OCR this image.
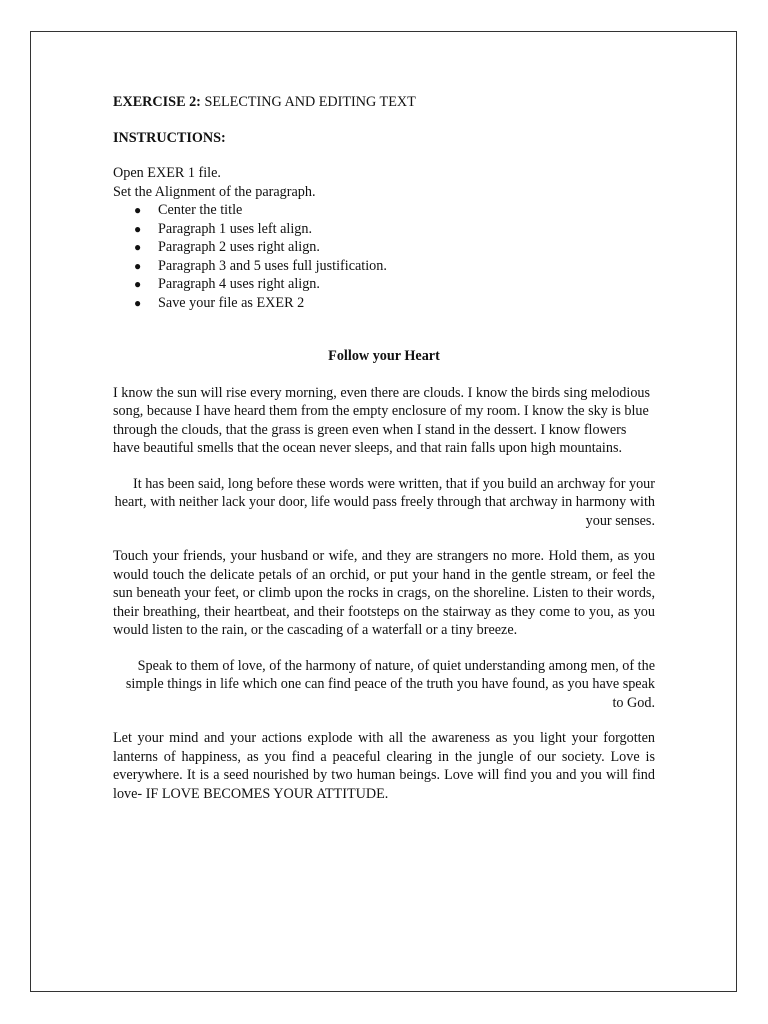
EXERCISE 2: SELECTING AND EDITING TEXT

INSTRUCTIONS:

Open EXER 1 file.

Set the Alignment of the paragraph.

● Center the title
● Paragraph 1 uses left align.
● Paragraph 2 uses right align.
● Paragraph 3 and 5 uses full justification.
● Paragraph 4 uses right align.
● Save your file as EXER 2

Follow your Heart

I know the sun will rise every morning, even there are clouds. I know the birds sing melodious song, because I have heard them from the empty enclosure of my room. I know the sky is blue through the clouds, that the grass is green even when I stand in the dessert. I know flowers have beautiful smells that the ocean never sleeps, and that rain falls upon high mountains.

It has been said, long before these words were written, that if you build an archway for your heart, with neither lack your door, life would pass freely through that archway in harmony with your senses.

Touch your friends, your husband or wife, and they are strangers no more. Hold them, as you would touch the delicate petals of an orchid, or put your hand in the gentle stream, or feel the sun beneath your feet, or climb upon the rocks in crags, on the shoreline. Listen to their words, their breathing, their heartbeat, and their footsteps on the stairway as they come to you, as you would listen to the rain, or the cascading of a waterfall or a tiny breeze.

Speak to them of love, of the harmony of nature, of quiet understanding among men, of the simple things in life which one can find peace of the truth you have found, as you have speak to God.

Let your mind and your actions explode with all the awareness as you light your forgotten lanterns of happiness, as you find a peaceful clearing in the jungle of our society. Love is everywhere. It is a seed nourished by two human beings. Love will find you and you will find love- IF LOVE BECOMES YOUR ATTITUDE.
